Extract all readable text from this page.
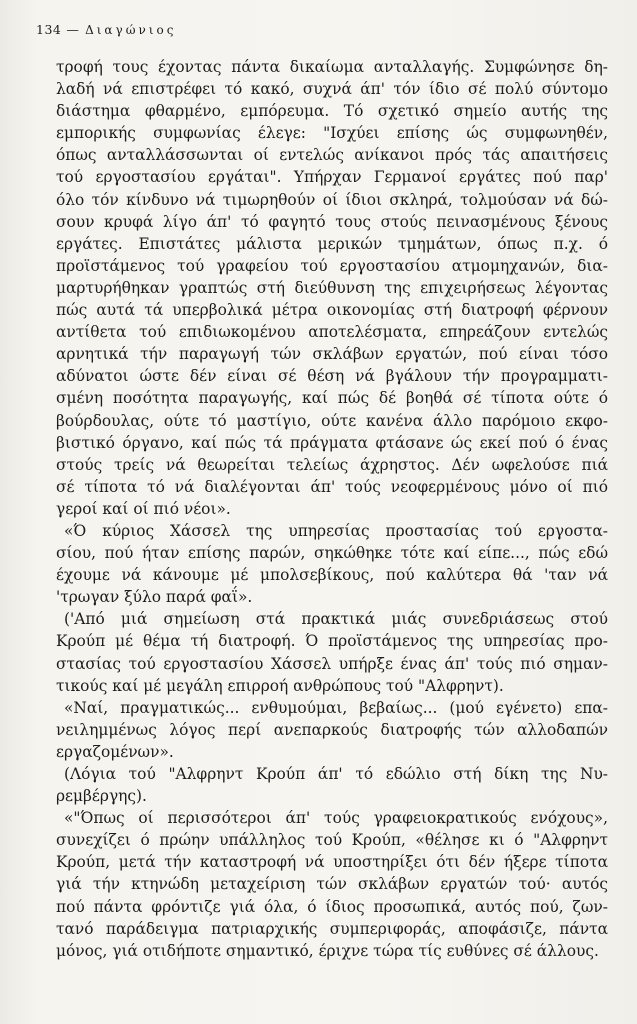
134 — Διαγώνιος
τροφή τους έχοντας πάντα δικαίωμα ανταλλαγής. Συμφώνησε δη-
λαδή νά επιστρέφει τό κακό, συχνά άπ' τόν ίδιο σέ πολύ σύντομο
διάστημα φθαρμένο, εμπόρευμα. Τό σχετικό σημείο αυτής της
εμπορικής συμφωνίας έλεγε: "Ισχύει επίσης ώς συμφωνηθέν,
όπως ανταλλάσσωνται οί εντελώς ανίκανοι πρός τάς απαιτήσεις
τού εργοστασίου εργάται". Υπήρχαν Γερμανοί εργάτες πού παρ'
όλο τόν κίνδυνο νά τιμωρηθούν οί ίδιοι σκληρά, τολμούσαν νά δώ-
σουν κρυφά λίγο άπ' τό φαγητό τους στούς πεινασμένους ξένους
εργάτες. Επιστάτες μάλιστα μερικών τμημάτων, όπως π.χ. ό
προϊστάμενος τού γραφείου τού εργοστασίου ατμομηχανών, δια-
μαρτυρήθηκαν γραπτώς στή διεύθυνση της επιχειρήσεως λέγοντας
πώς αυτά τά υπερβολικά μέτρα οικονομίας στή διατροφή φέρνουν
αντίθετα τού επιδιωκομένου αποτελέσματα, επηρεάζουν εντελώς
αρνητικά τήν παραγωγή τών σκλάβων εργατών, πού είναι τόσο
αδύνατοι ώστε δέν είναι σέ θέση νά βγάλουν τήν προγραμματι-
σμένη ποσότητα παραγωγής, καί πώς δέ βοηθά σέ τίποτα ούτε ό
βούρδουλας, ούτε τό μαστίγιο, ούτε κανένα άλλο παρόμοιο εκφο-
βιστικό όργανο, καί πώς τά πράγματα φτάσανε ώς εκεί πού ό ένας
στούς τρείς νά θεωρείται τελείως άχρηστος. Δέν ωφελούσε πιά
σέ τίποτα τό νά διαλέγονται άπ' τούς νεοφερμένους μόνο οί πιό
γεροί καί οί πιό νέοι».
«Ό κύριος Χάσσελ της υπηρεσίας προστασίας τού εργοστα-
σίου, πού ήταν επίσης παρών, σηκώθηκε τότε καί είπε..., πώς εδώ
έχουμε νά κάνουμε μέ μπολσεβίκους, πού καλύτερα θά 'ταν νά
'τρωγαν ξύλο παρά φαΐ».
('Από μιά σημείωση στά πρακτικά μιάς συνεδριάσεως στού
Κρούπ μέ θέμα τή διατροφή. Ό προϊστάμενος της υπηρεσίας προ-
στασίας τού εργοστασίου Χάσσελ υπήρξε ένας άπ' τούς πιό σημαν-
τικούς καί μέ μεγάλη επιρροή ανθρώπους τού "Αλφρηντ).
«Ναί, πραγματικώς... ενθυμούμαι, βεβαίως... (μού εγένετο) επα-
νειλημμένως λόγος περί ανεπαρκούς διατροφής τών αλλοδαπών
εργαζομένων».
(Λόγια τού "Αλφρηντ Κρούπ άπ' τό εδώλιο στή δίκη της Νυ-
ρεμβέργης).
«"Όπως οί περισσότεροι άπ' τούς γραφειοκρατικούς ενόχους»,
συνεχίζει ό πρώην υπάλληλος τού Κρούπ, «θέλησε κι ό "Αλφρηντ
Κρούπ, μετά τήν καταστροφή νά υποστηρίξει ότι δέν ήξερε τίποτα
γιά τήν κτηνώδη μεταχείριση τών σκλάβων εργατών τού· αυτός
πού πάντα φρόντιζε γιά όλα, ό ίδιος προσωπικά, αυτός πού, ζων-
τανό παράδειγμα πατριαρχικής συμπεριφοράς, αποφάσιζε, πάντα
μόνος, γιά οτιδήποτε σημαντικό, έριχνε τώρα τίς ευθύνες σέ άλλους.
